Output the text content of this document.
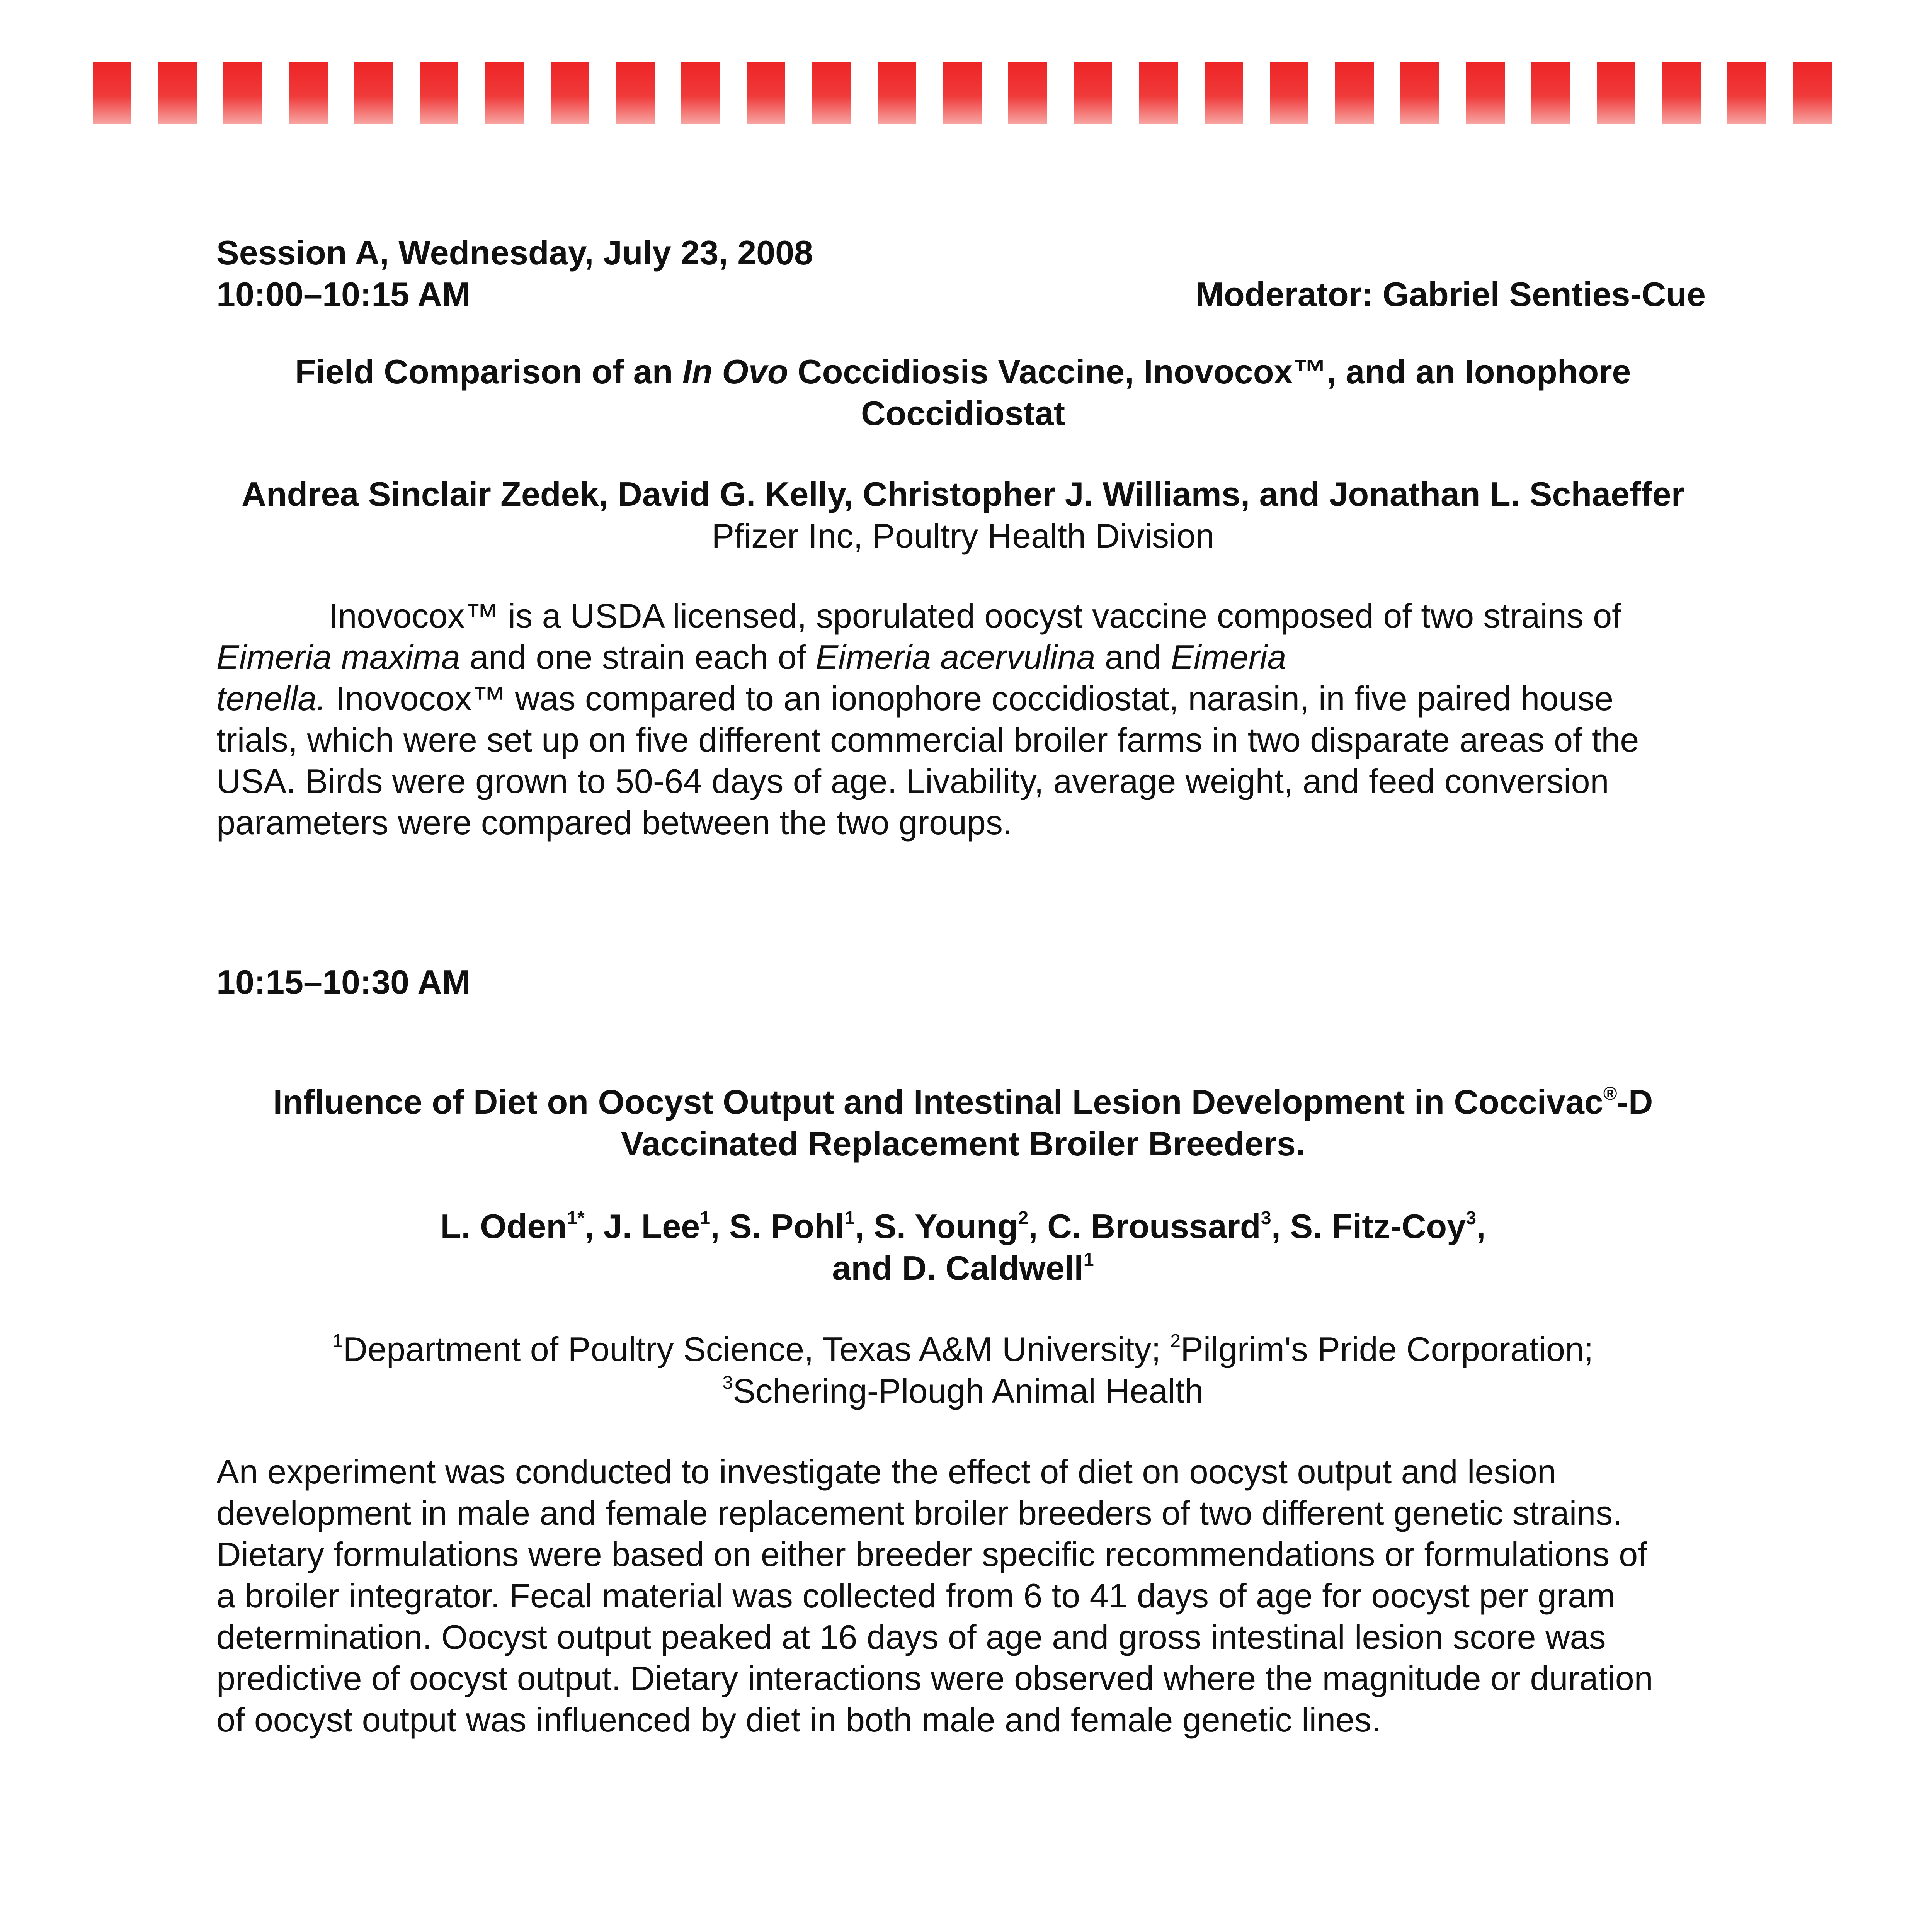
Session A, Wednesday, July 23, 2008
10:00–10:15 AM	Moderator: Gabriel Senties-Cue
Field Comparison of an In Ovo Coccidiosis Vaccine, Inovocox™, and an Ionophore
Coccidiostat
Andrea Sinclair Zedek, David G. Kelly, Christopher J. Williams, and Jonathan L. Schaeffer
Pfizer Inc, Poultry Health Division
Inovocox™ is a USDA licensed, sporulated oocyst vaccine composed of two strains of
Eimeria maxima and one strain each of Eimeria acervulina and Eimeria
tenella. Inovocox™ was compared to an ionophore coccidiostat, narasin, in five paired house
trials, which were set up on five different commercial broiler farms in two disparate areas of the
USA. Birds were grown to 50-64 days of age. Livability, average weight, and feed conversion
parameters were compared between the two groups.
10:15–10:30 AM
Influence of Diet on Oocyst Output and Intestinal Lesion Development in Coccivac®-D
Vaccinated Replacement Broiler Breeders.
L. Oden$^{1*}$, J. Lee$^1$, S. Pohl$^1$, S. Young$^2$, C. Broussard$^3$, S. Fitz-Coy$^3$,
and D. Caldwell$^1$
$^1$Department of Poultry Science, Texas A&M University; $^2$Pilgrim's Pride Corporation;
$^3$Schering-Plough Animal Health
An experiment was conducted to investigate the effect of diet on oocyst output and lesion
development in male and female replacement broiler breeders of two different genetic strains.
Dietary formulations were based on either breeder specific recommendations or formulations of
a broiler integrator. Fecal material was collected from 6 to 41 days of age for oocyst per gram
determination. Oocyst output peaked at 16 days of age and gross intestinal lesion score was
predictive of oocyst output. Dietary interactions were observed where the magnitude or duration
of oocyst output was influenced by diet in both male and female genetic lines.
